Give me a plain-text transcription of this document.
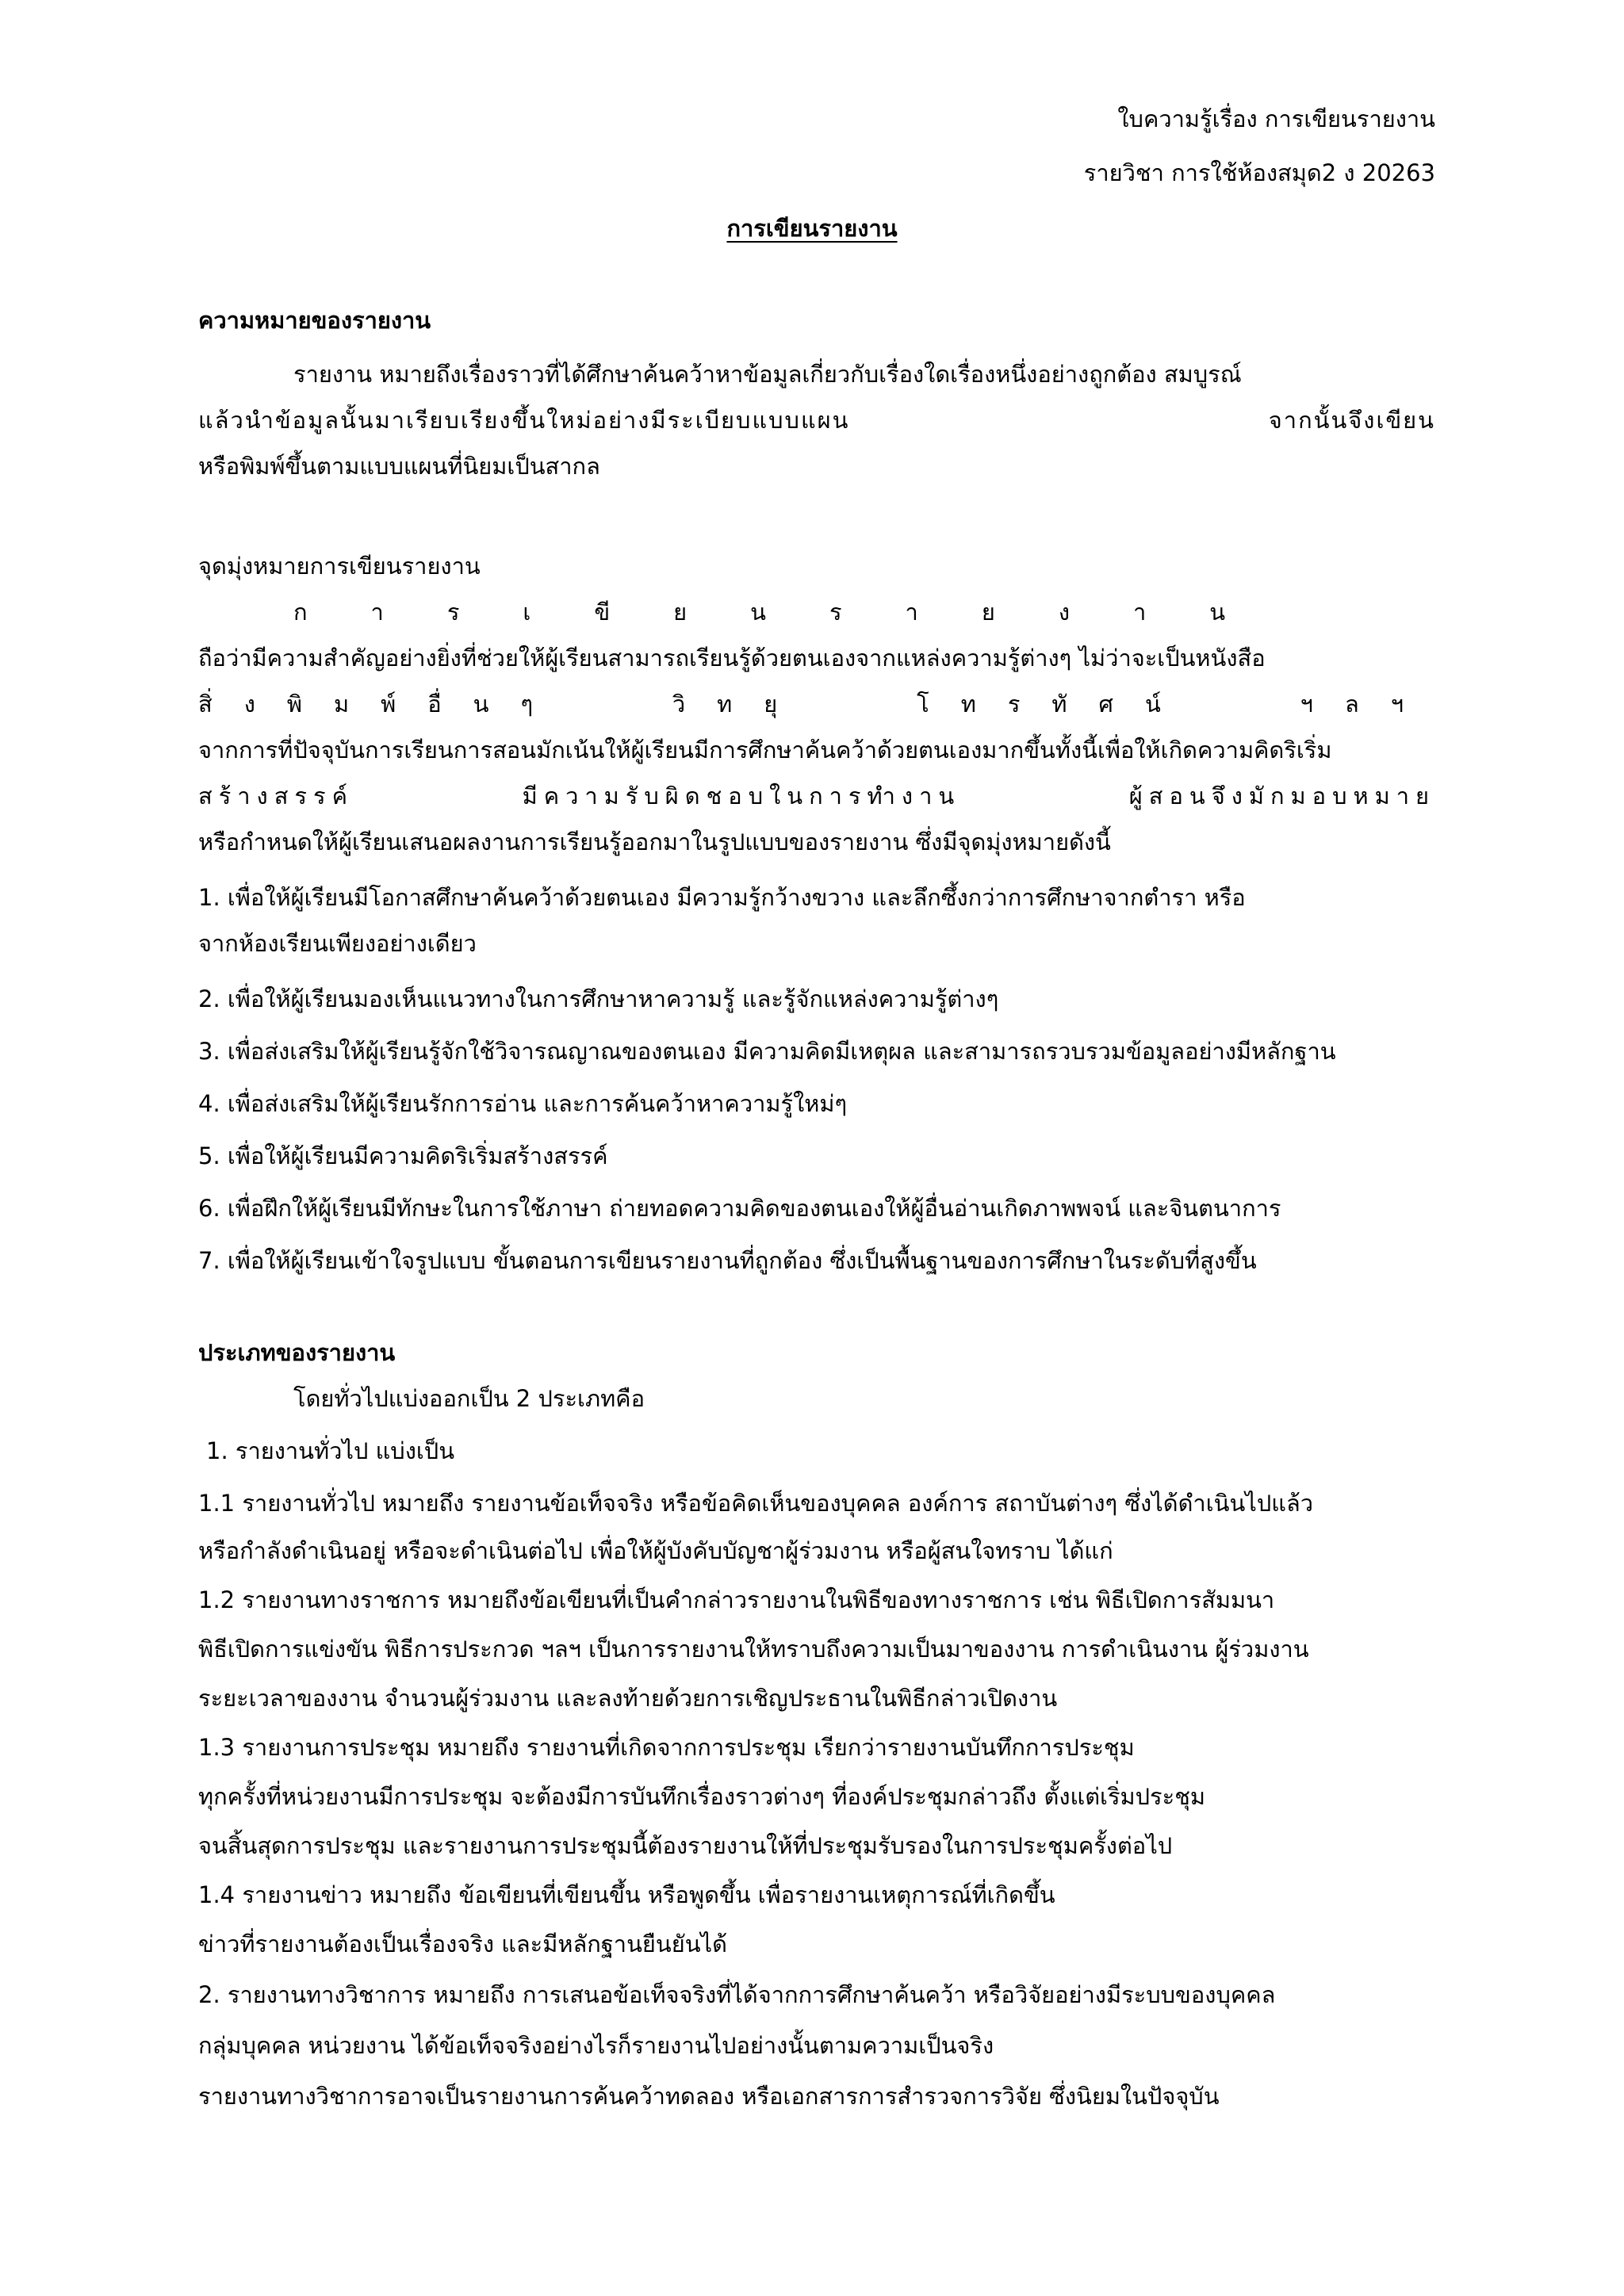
ใบความรู้เรื่อง การเขียนรายงาน
รายวิชา การใช้ห้องสมุด2 ง 20263
การเขียนรายงาน
ความหมายของรายงาน
รายงาน หมายถึงเรื่องราวที่ได้ศึกษาค้นคว้าหาข้อมูลเกี่ยวกับเรื่องใดเรื่องหนึ่งอย่างถูกต้อง สมบูรณ์
แล้วนำข้อมูลนั้นมาเรียบเรียงขึ้นใหม่อย่างมีระเบียบแบบแผน จากนั้นจึงเขียน
หรือพิมพ์ขึ้นตามแบบแผนที่นิยมเป็นสากล
จุดมุ่งหมายการเขียนรายงาน
การเขียนรายงาน
ถือว่ามีความสำคัญอย่างยิ่งที่ช่วยให้ผู้เรียนสามารถเรียนรู้ด้วยตนเองจากแหล่งความรู้ต่างๆ ไม่ว่าจะเป็นหนังสือ
สิ่งพิมพ์อื่นๆ วิทยุ โทรทัศน์ ฯลฯ
จากการที่ปัจจุบันการเรียนการสอนมักเน้นให้ผู้เรียนมีการศึกษาค้นคว้าด้วยตนเองมากขึ้นทั้งนี้เพื่อให้เกิดความคิดริเริ่ม
สร้างสรรค์ มีความรับผิดชอบในการทำงาน ผู้สอนจึงมักมอบหมาย
หรือกำหนดให้ผู้เรียนเสนอผลงานการเรียนรู้ออกมาในรูปแบบของรายงาน ซึ่งมีจุดมุ่งหมายดังนี้
1. เพื่อให้ผู้เรียนมีโอกาสศึกษาค้นคว้าด้วยตนเอง มีความรู้กว้างขวาง และลึกซึ้งกว่าการศึกษาจากตำรา หรือ
จากห้องเรียนเพียงอย่างเดียว
2. เพื่อให้ผู้เรียนมองเห็นแนวทางในการศึกษาหาความรู้ และรู้จักแหล่งความรู้ต่างๆ
3. เพื่อส่งเสริมให้ผู้เรียนรู้จักใช้วิจารณญาณของตนเอง มีความคิดมีเหตุผล และสามารถรวบรวมข้อมูลอย่างมีหลักฐาน
4. เพื่อส่งเสริมให้ผู้เรียนรักการอ่าน และการค้นคว้าหาความรู้ใหม่ๆ
5. เพื่อให้ผู้เรียนมีความคิดริเริ่มสร้างสรรค์
6. เพื่อฝึกให้ผู้เรียนมีทักษะในการใช้ภาษา ถ่ายทอดความคิดของตนเองให้ผู้อื่นอ่านเกิดภาพพจน์ และจินตนาการ
7. เพื่อให้ผู้เรียนเข้าใจรูปแบบ ขั้นตอนการเขียนรายงานที่ถูกต้อง ซึ่งเป็นพื้นฐานของการศึกษาในระดับที่สูงขึ้น
ประเภทของรายงาน
โดยทั่วไปแบ่งออกเป็น 2 ประเภทคือ
1. รายงานทั่วไป แบ่งเป็น
1.1 รายงานทั่วไป หมายถึง รายงานข้อเท็จจริง หรือข้อคิดเห็นของบุคคล องค์การ สถาบันต่างๆ ซึ่งได้ดำเนินไปแล้ว
หรือกำลังดำเนินอยู่ หรือจะดำเนินต่อไป เพื่อให้ผู้บังคับบัญชาผู้ร่วมงาน หรือผู้สนใจทราบ ได้แก่
1.2 รายงานทางราชการ หมายถึงข้อเขียนที่เป็นคำกล่าวรายงานในพิธีของทางราชการ เช่น พิธีเปิดการสัมมนา
พิธีเปิดการแข่งขัน พิธีการประกวด ฯลฯ เป็นการรายงานให้ทราบถึงความเป็นมาของงาน การดำเนินงาน ผู้ร่วมงาน
ระยะเวลาของงาน จำนวนผู้ร่วมงาน และลงท้ายด้วยการเชิญประธานในพิธีกล่าวเปิดงาน
1.3 รายงานการประชุม หมายถึง รายงานที่เกิดจากการประชุม เรียกว่ารายงานบันทึกการประชุม
ทุกครั้งที่หน่วยงานมีการประชุม จะต้องมีการบันทึกเรื่องราวต่างๆ ที่องค์ประชุมกล่าวถึง ตั้งแต่เริ่มประชุม
จนสิ้นสุดการประชุม และรายงานการประชุมนี้ต้องรายงานให้ที่ประชุมรับรองในการประชุมครั้งต่อไป
1.4 รายงานข่าว หมายถึง ข้อเขียนที่เขียนขึ้น หรือพูดขึ้น เพื่อรายงานเหตุการณ์ที่เกิดขึ้น
ข่าวที่รายงานต้องเป็นเรื่องจริง และมีหลักฐานยืนยันได้
2. รายงานทางวิชาการ หมายถึง การเสนอข้อเท็จจริงที่ได้จากการศึกษาค้นคว้า หรือวิจัยอย่างมีระบบของบุคคล
กลุ่มบุคคล หน่วยงาน ได้ข้อเท็จจริงอย่างไรก็รายงานไปอย่างนั้นตามความเป็นจริง
รายงานทางวิชาการอาจเป็นรายงานการค้นคว้าทดลอง หรือเอกสารการสำรวจการวิจัย ซึ่งนิยมในปัจจุบัน
